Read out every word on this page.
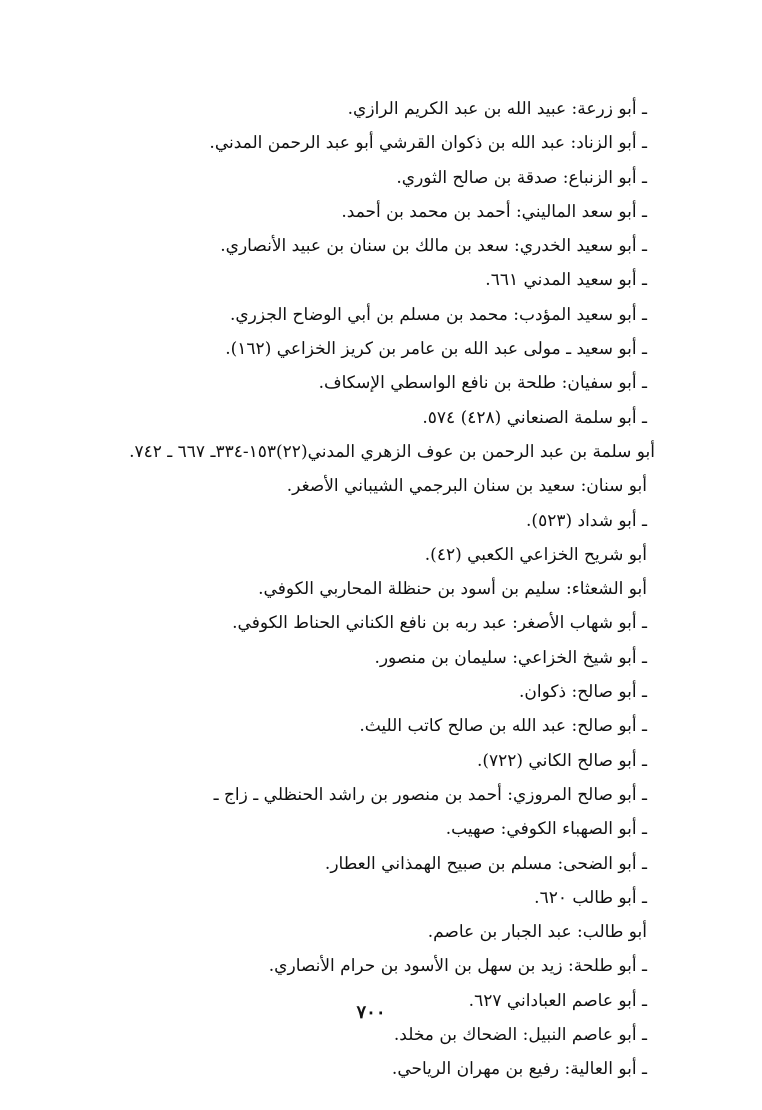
ـ أبو زرعة: عبيد الله بن عبد الكريم الرازي.
ـ أبو الزناد: عبد الله بن ذكوان القرشي أبو عبد الرحمن المدني.
ـ أبو الزنباع: صدقة بن صالح الثوري.
ـ أبو سعد الماليني: أحمد بن محمد بن أحمد.
ـ أبو سعيد الخدري: سعد بن مالك بن سنان بن عبيد الأنصاري.
ـ أبو سعيد المدني ٦٦١.
ـ أبو سعيد المؤدب: محمد بن مسلم بن أبي الوضاح الجزري.
ـ أبو سعيد ـ مولى عبد الله بن عامر بن كريز الخزاعي (١٦٢).
ـ أبو سفيان: طلحة بن نافع الواسطي الإسكاف.
ـ أبو سلمة الصنعاني (٤٢٨) ٥٧٤.
أبو سلمة بن عبد الرحمن بن عوف الزهري المدني(٢٢)١٥٣-٣٣٤ـ ٦٦٧ ـ ٧٤٢.
أبو سنان: سعيد بن سنان البرجمي الشيباني الأصغر.
ـ أبو شداد (٥٢٣).
أبو شريح الخزاعي الكعبي (٤٢).
أبو الشعثاء: سليم بن أسود بن حنظلة المحاربي الكوفي.
ـ أبو شهاب الأصغر: عبد ربه بن نافع الكناني الحناط الكوفي.
ـ أبو شيخ الخزاعي: سليمان بن منصور.
ـ أبو صالح: ذكوان.
ـ أبو صالح: عبد الله بن صالح كاتب الليث.
ـ أبو صالح الكاني (٧٢٢).
ـ أبو صالح المروزي: أحمد بن منصور بن راشد الحنظلي ـ زاج ـ
ـ أبو الصهباء الكوفي: صهيب.
ـ أبو الضحى: مسلم بن صبيح الهمذاني العطار.
ـ أبو طالب ٦٢٠.
أبو طالب: عبد الجبار بن عاصم.
ـ أبو طلحة: زيد بن سهل بن الأسود بن حرام الأنصاري.
ـ أبو عاصم العباداني ٦٢٧.
ـ أبو عاصم النبيل: الضحاك بن مخلد.
ـ أبو العالية: رفيع بن مهران الرياحي.
٧٠٠
